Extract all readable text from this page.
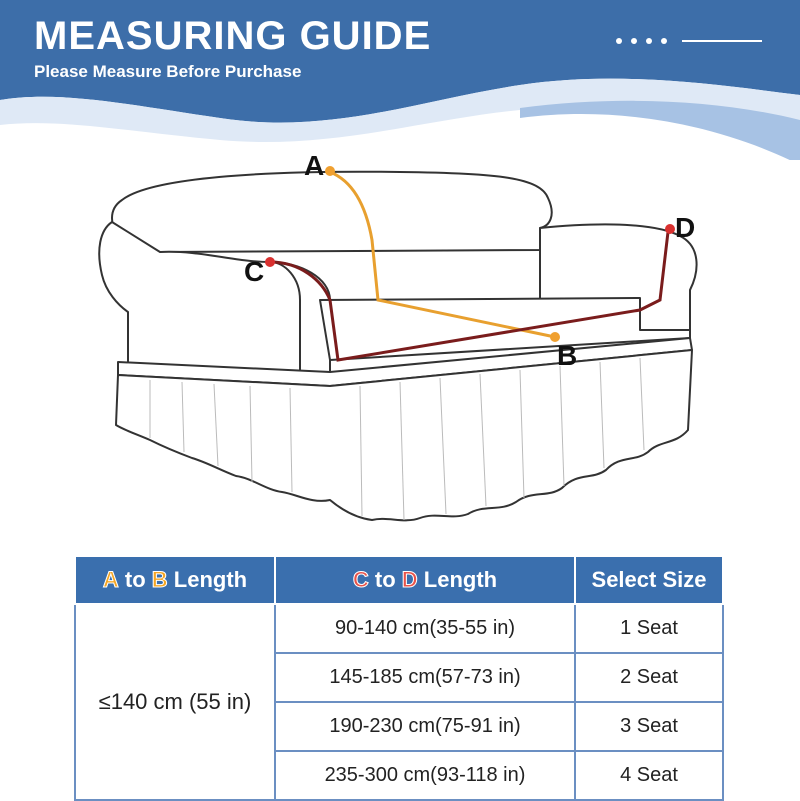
MEASURING GUIDE
Please Measure Before Purchase
A
B
C
D
A to B Length	C to D Length	Select Size
≤140 cm (55 in)	90-140 cm(35-55 in)	1 Seat
	145-185 cm(57-73 in)	2 Seat
	190-230 cm(75-91 in)	3 Seat
	235-300 cm(93-118 in)	4 Seat
